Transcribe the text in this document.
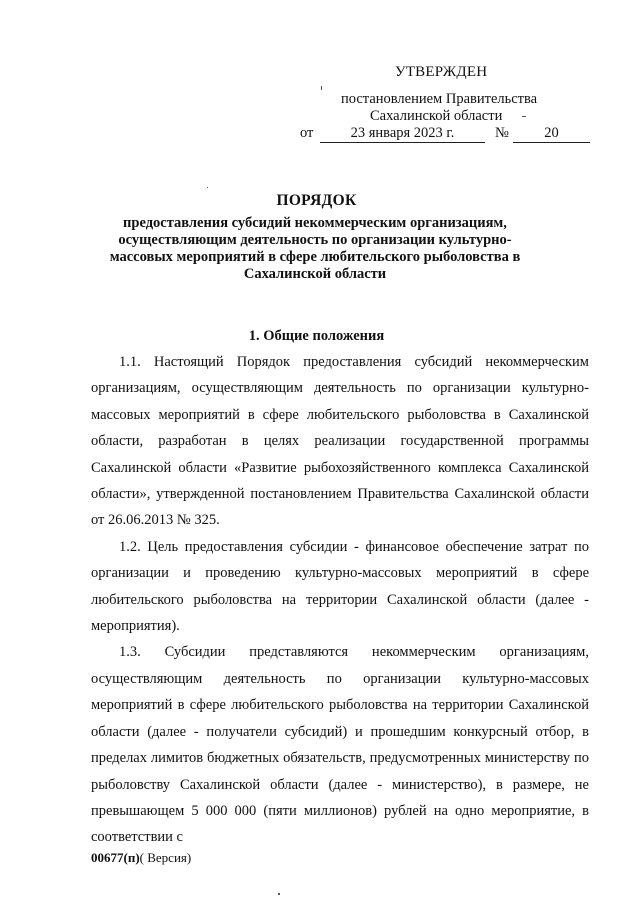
УТВЕРЖДЕН
постановлением Правительства
Сахалинской области
от	23 января 2023 г.	№	20
ПОРЯДОК
предоставления субсидий некоммерческим организациям, осуществляющим деятельность по организации культурно-массовых мероприятий в сфере любительского рыболовства в Сахалинской области
1. Общие положения

1.1. Настоящий Порядок предоставления субсидий некоммерческим организациям, осуществляющим деятельность по организации культурно-массовых мероприятий в сфере любительского рыболовства в Сахалинской области, разработан в целях реализации государственной программы Сахалинской области «Развитие рыбохозяйственного комплекса Сахалинской области», утвержденной постановлением Правительства Сахалинской области от 26.06.2013 № 325.

1.2. Цель предоставления субсидии - финансовое обеспечение затрат по организации и проведению культурно-массовых мероприятий в сфере любительского рыболовства на территории Сахалинской области (далее - мероприятия).

1.3. Субсидии представляются некоммерческим организациям, осуществляющим деятельность по организации культурно-массовых мероприятий в сфере любительского рыболовства на территории Сахалинской области (далее - получатели субсидий) и прошедшим конкурсный отбор, в пределах лимитов бюджетных обязательств, предусмотренных министерству по рыболовству Сахалинской области (далее - министерство), в размере, не превышающем 5 000 000 (пяти миллионов) рублей на одно мероприятие, в соответствии с

00677(п)( Версия)
